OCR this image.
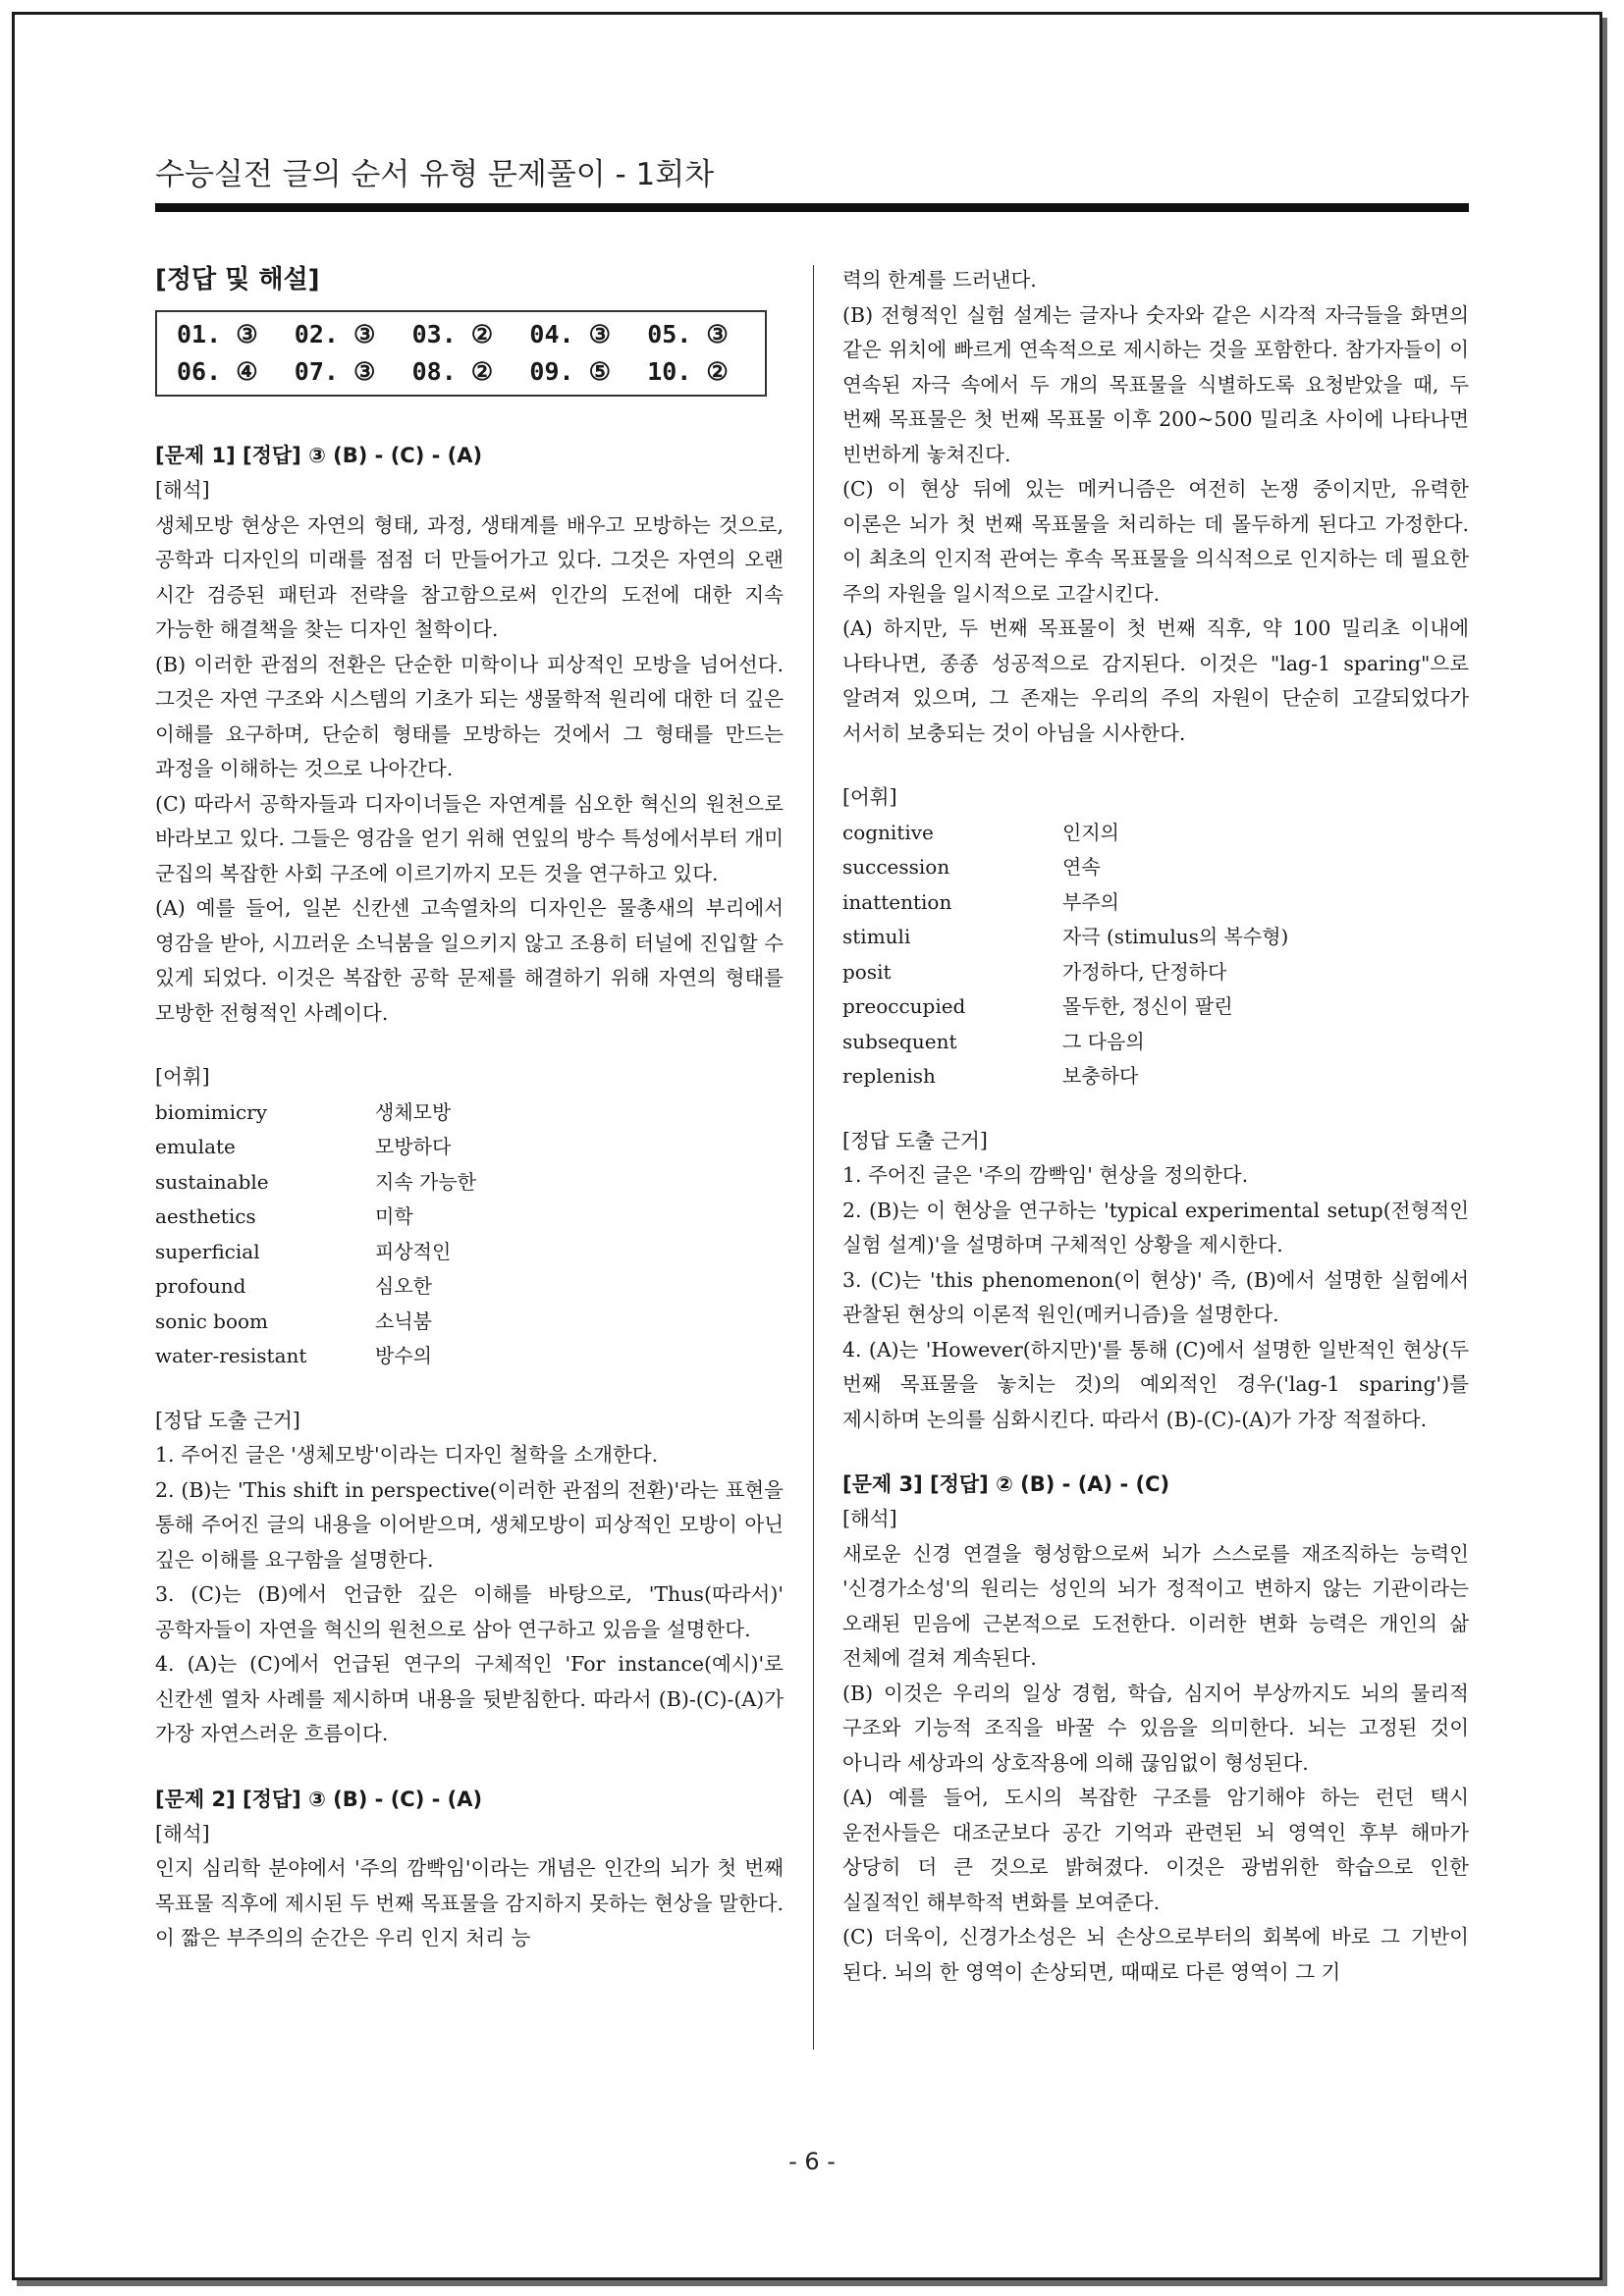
수능실전 글의 순서 유형 문제풀이 - 1회차
[정답 및 해설]
01. ③	02. ③	03. ②	04. ③	05. ③
06. ④	07. ③	08. ②	09. ⑤	10. ②
[문제 1] [정답] ③ (B) - (C) - (A)
[해석]

생체모방 현상은 자연의 형태, 과정, 생태계를 배우고 모방하는 것으로, 공학과 디자인의 미래를 점점 더 만들어가고 있다. 그것은 자연의 오랜 시간 검증된 패턴과 전략을 참고함으로써 인간의 도전에 대한 지속 가능한 해결책을 찾는 디자인 철학이다.

(B) 이러한 관점의 전환은 단순한 미학이나 피상적인 모방을 넘어선다. 그것은 자연 구조와 시스템의 기초가 되는 생물학적 원리에 대한 더 깊은 이해를 요구하며, 단순히 형태를 모방하는 것에서 그 형태를 만드는 과정을 이해하는 것으로 나아간다.

(C) 따라서 공학자들과 디자이너들은 자연계를 심오한 혁신의 원천으로 바라보고 있다. 그들은 영감을 얻기 위해 연잎의 방수 특성에서부터 개미 군집의 복잡한 사회 구조에 이르기까지 모든 것을 연구하고 있다.

(A) 예를 들어, 일본 신칸센 고속열차의 디자인은 물총새의 부리에서 영감을 받아, 시끄러운 소닉붐을 일으키지 않고 조용히 터널에 진입할 수 있게 되었다. 이것은 복잡한 공학 문제를 해결하기 위해 자연의 형태를 모방한 전형적인 사례이다.

[어휘]
biomimicry	생체모방
emulate	모방하다
sustainable	지속 가능한
aesthetics	미학
superficial	피상적인
profound	심오한
sonic boom	소닉붐
water-resistant	방수의
[정답 도출 근거]

1. 주어진 글은 '생체모방'이라는 디자인 철학을 소개한다.

2. (B)는 'This shift in perspective(이러한 관점의 전환)'라는 표현을 통해 주어진 글의 내용을 이어받으며, 생체모방이 피상적인 모방이 아닌 깊은 이해를 요구함을 설명한다.

3. (C)는 (B)에서 언급한 깊은 이해를 바탕으로, 'Thus(따라서)' 공학자들이 자연을 혁신의 원천으로 삼아 연구하고 있음을 설명한다.

4. (A)는 (C)에서 언급된 연구의 구체적인 'For instance(예시)'로 신칸센 열차 사례를 제시하며 내용을 뒷받침한다. 따라서 (B)-(C)-(A)가 가장 자연스러운 흐름이다.

[문제 2] [정답] ③ (B) - (C) - (A)
[해석]

인지 심리학 분야에서 '주의 깜빡임'이라는 개념은 인간의 뇌가 첫 번째 목표물 직후에 제시된 두 번째 목표물을 감지하지 못하는 현상을 말한다. 이 짧은 부주의의 순간은 우리 인지 처리 능

력의 한계를 드러낸다.

(B) 전형적인 실험 설계는 글자나 숫자와 같은 시각적 자극들을 화면의 같은 위치에 빠르게 연속적으로 제시하는 것을 포함한다. 참가자들이 이 연속된 자극 속에서 두 개의 목표물을 식별하도록 요청받았을 때, 두 번째 목표물은 첫 번째 목표물 이후 200~500 밀리초 사이에 나타나면 빈번하게 놓쳐진다.

(C) 이 현상 뒤에 있는 메커니즘은 여전히 논쟁 중이지만, 유력한 이론은 뇌가 첫 번째 목표물을 처리하는 데 몰두하게 된다고 가정한다. 이 최초의 인지적 관여는 후속 목표물을 의식적으로 인지하는 데 필요한 주의 자원을 일시적으로 고갈시킨다.

(A) 하지만, 두 번째 목표물이 첫 번째 직후, 약 100 밀리초 이내에 나타나면, 종종 성공적으로 감지된다. 이것은 "lag-1 sparing"으로 알려져 있으며, 그 존재는 우리의 주의 자원이 단순히 고갈되었다가 서서히 보충되는 것이 아님을 시사한다.

[어휘]
cognitive	인지의
succession	연속
inattention	부주의
stimuli	자극 (stimulus의 복수형)
posit	가정하다, 단정하다
preoccupied	몰두한, 정신이 팔린
subsequent	그 다음의
replenish	보충하다
[정답 도출 근거]

1. 주어진 글은 '주의 깜빡임' 현상을 정의한다.

2. (B)는 이 현상을 연구하는 'typical experimental setup(전형적인 실험 설계)'을 설명하며 구체적인 상황을 제시한다.

3. (C)는 'this phenomenon(이 현상)' 즉, (B)에서 설명한 실험에서 관찰된 현상의 이론적 원인(메커니즘)을 설명한다.

4. (A)는 'However(하지만)'를 통해 (C)에서 설명한 일반적인 현상(두 번째 목표물을 놓치는 것)의 예외적인 경우('lag-1 sparing')를 제시하며 논의를 심화시킨다. 따라서 (B)-(C)-(A)가 가장 적절하다.

[문제 3] [정답] ② (B) - (A) - (C)
[해석]

새로운 신경 연결을 형성함으로써 뇌가 스스로를 재조직하는 능력인 '신경가소성'의 원리는 성인의 뇌가 정적이고 변하지 않는 기관이라는 오래된 믿음에 근본적으로 도전한다. 이러한 변화 능력은 개인의 삶 전체에 걸쳐 계속된다.

(B) 이것은 우리의 일상 경험, 학습, 심지어 부상까지도 뇌의 물리적 구조와 기능적 조직을 바꿀 수 있음을 의미한다. 뇌는 고정된 것이 아니라 세상과의 상호작용에 의해 끊임없이 형성된다.

(A) 예를 들어, 도시의 복잡한 구조를 암기해야 하는 런던 택시 운전사들은 대조군보다 공간 기억과 관련된 뇌 영역인 후부 해마가 상당히 더 큰 것으로 밝혀졌다. 이것은 광범위한 학습으로 인한 실질적인 해부학적 변화를 보여준다.

(C) 더욱이, 신경가소성은 뇌 손상으로부터의 회복에 바로 그 기반이 된다. 뇌의 한 영역이 손상되면, 때때로 다른 영역이 그 기

- 6 -
